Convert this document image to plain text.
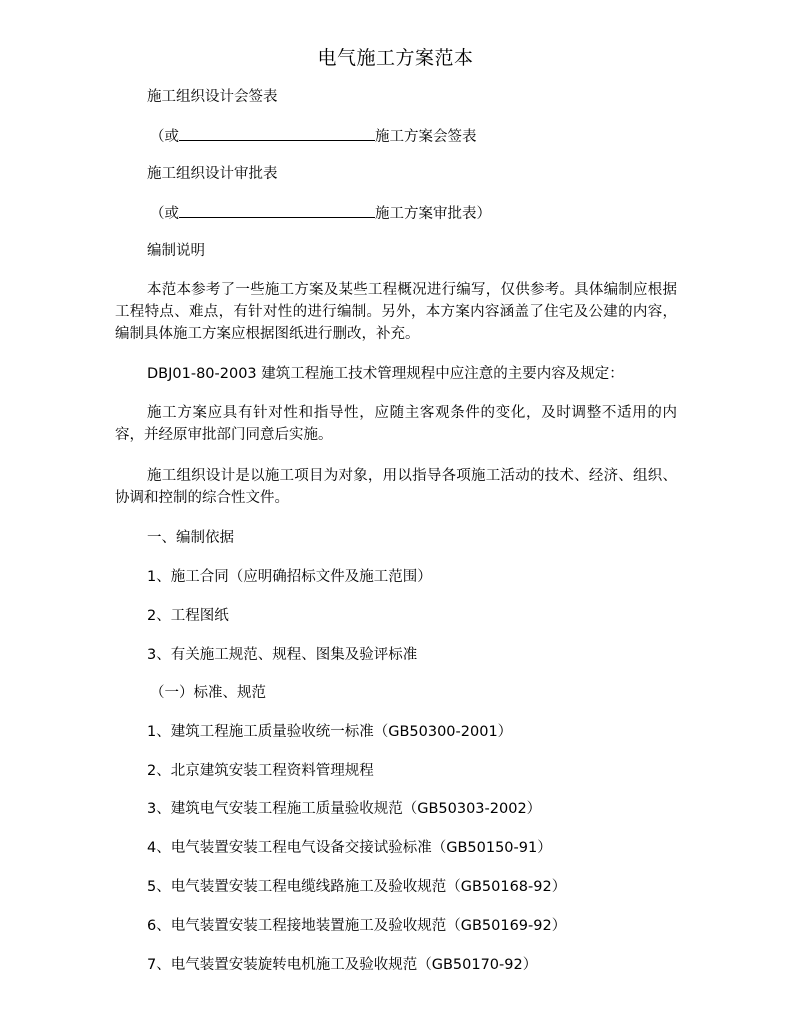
电气施工方案范本

施工组织设计会签表

（或	施工方案会签表

施工组织设计审批表

（或	施工方案审批表）

编制说明

本范本参考了一些施工方案及某些工程概况进行编写，仅供参考。具体编制应根据工程特点、难点，有针对性的进行编制。另外，本方案内容涵盖了住宅及公建的内容，编制具体施工方案应根据图纸进行删改，补充。

DBJ01-80-2003 建筑工程施工技术管理规程中应注意的主要内容及规定：

施工方案应具有针对性和指导性，应随主客观条件的变化，及时调整不适用的内容，并经原审批部门同意后实施。

施工组织设计是以施工项目为对象，用以指导各项施工活动的技术、经济、组织、协调和控制的综合性文件。

一、编制依据

1、施工合同（应明确招标文件及施工范围）

2、工程图纸

3、有关施工规范、规程、图集及验评标准

（一）标准、规范

1、建筑工程施工质量验收统一标准（GB50300-2001）

2、北京建筑安装工程资料管理规程

3、建筑电气安装工程施工质量验收规范（GB50303-2002）

4、电气装置安装工程电气设备交接试验标准（GB50150-91）

5、电气装置安装工程电缆线路施工及验收规范（GB50168-92）

6、电气装置安装工程接地装置施工及验收规范（GB50169-92）

7、电气装置安装旋转电机施工及验收规范（GB50170-92）
